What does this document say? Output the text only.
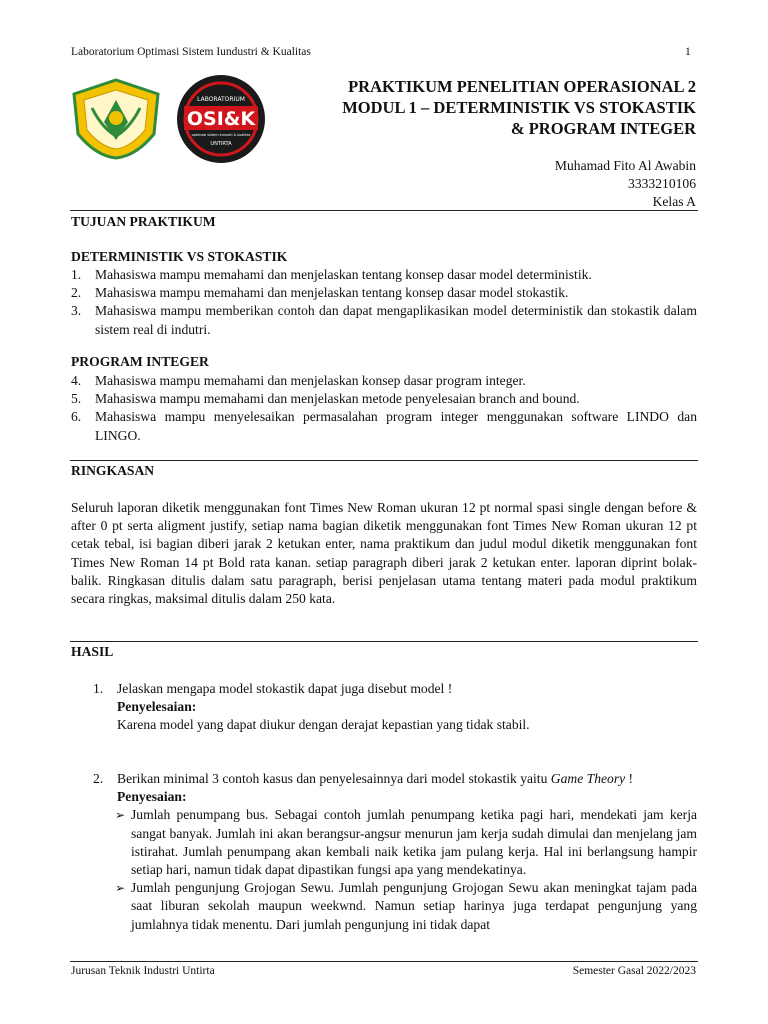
Laboratorium Optimasi Sistem Iundustri & Kualitas	1
LABORATORIUM
OSI&K
optimasi sistem industri & kualitas
UNTIRTA
PRAKTIKUM PENELITIAN OPERASIONAL 2
MODUL 1 – DETERMINISTIK VS STOKASTIK
& PROGRAM INTEGER
Muhamad Fito Al Awabin
3333210106
Kelas A
TUJUAN PRAKTIKUM
DETERMINISTIK VS STOKASTIK
1. Mahasiswa mampu memahami dan menjelaskan tentang konsep dasar model deterministik.
2. Mahasiswa mampu memahami dan menjelaskan tentang konsep dasar model stokastik.
3. Mahasiswa mampu memberikan contoh dan dapat mengaplikasikan model deterministik dan stokastik dalam sistem real di indutri.
PROGRAM INTEGER
4. Mahasiswa mampu memahami dan menjelaskan konsep dasar program integer.
5. Mahasiswa mampu memahami dan menjelaskan metode penyelesaian branch and bound.
6. Mahasiswa mampu menyelesaikan permasalahan program integer menggunakan software LINDO dan LINGO.
RINGKASAN
Seluruh laporan diketik menggunakan font Times New Roman ukuran 12 pt normal spasi single dengan before & after 0 pt serta aligment justify, setiap nama bagian diketik menggunakan font Times New Roman ukuran 12 pt cetak tebal, isi bagian diberi jarak 2 ketukan enter, nama praktikum dan judul modul diketik menggunakan font Times New Roman 14 pt Bold rata kanan. setiap paragraph diberi jarak 2 ketukan enter. laporan diprint bolak-balik. Ringkasan ditulis dalam satu paragraph, berisi penjelasan utama tentang materi pada modul praktikum secara ringkas, maksimal ditulis dalam 250 kata.
HASIL
1. Jelaskan mengapa model stokastik dapat juga disebut model !
Penyelesaian:
Karena model yang dapat diukur dengan derajat kepastian yang tidak stabil.
2. Berikan minimal 3 contoh kasus dan penyelesainnya dari model stokastik yaitu Game Theory !
Penyesaian:
➢ Jumlah penumpang bus. Sebagai contoh jumlah penumpang ketika pagi hari, mendekati jam kerja sangat banyak. Jumlah ini akan berangsur-angsur menurun jam kerja sudah dimulai dan menjelang jam istirahat. Jumlah penumpang akan kembali naik ketika jam pulang kerja. Hal ini berlangsung hampir setiap hari, namun tidak dapat dipastikan fungsi apa yang mendekatinya.
➢ Jumlah pengunjung Grojogan Sewu. Jumlah pengunjung Grojogan Sewu akan meningkat tajam pada saat liburan sekolah maupun weekwnd. Namun setiap harinya juga terdapat pengunjung yang jumlahnya tidak menentu. Dari jumlah pengunjung ini tidak dapat
Jurusan Teknik Industri Untirta	Semester Gasal 2022/2023
